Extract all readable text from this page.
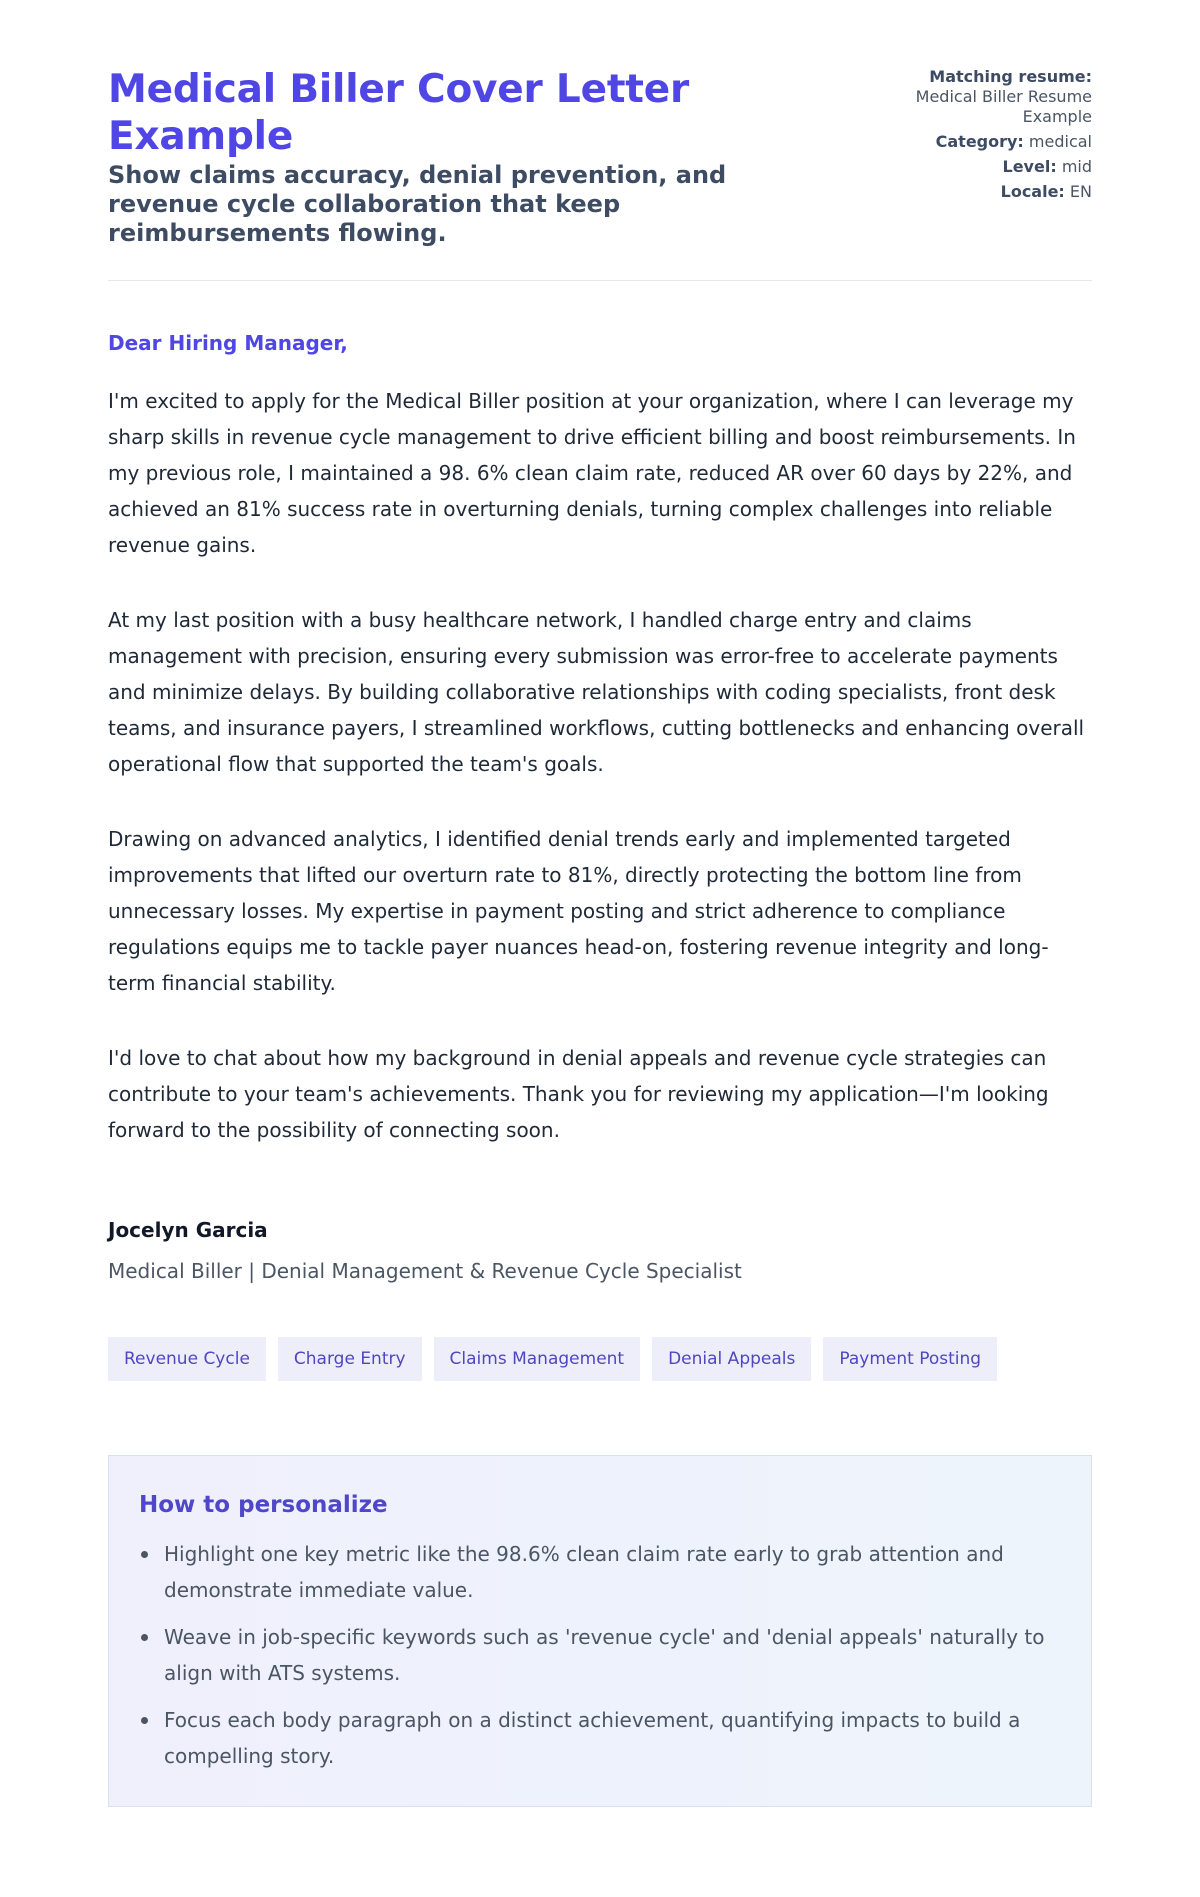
Medical Biller Cover Letter Example
Show claims accuracy, denial prevention, and revenue cycle collaboration that keep reimbursements flowing.
Matching resume:
Medical Biller Resume Example
Category: medical
Level: mid
Locale: EN

Dear Hiring Manager,

I'm excited to apply for the Medical Biller position at your organization, where I can leverage my sharp skills in revenue cycle management to drive efficient billing and boost reimbursements. In my previous role, I maintained a 98. 6% clean claim rate, reduced AR over 60 days by 22%, and achieved an 81% success rate in overturning denials, turning complex challenges into reliable revenue gains.

At my last position with a busy healthcare network, I handled charge entry and claims management with precision, ensuring every submission was error-free to accelerate payments and minimize delays. By building collaborative relationships with coding specialists, front desk teams, and insurance payers, I streamlined workflows, cutting bottlenecks and enhancing overall operational flow that supported the team's goals.

Drawing on advanced analytics, I identified denial trends early and implemented targeted improvements that lifted our overturn rate to 81%, directly protecting the bottom line from unnecessary losses. My expertise in payment posting and strict adherence to compliance regulations equips me to tackle payer nuances head-on, fostering revenue integrity and long-term financial stability.

I'd love to chat about how my background in denial appeals and revenue cycle strategies can contribute to your team's achievements. Thank you for reviewing my application—I'm looking forward to the possibility of connecting soon.

Jocelyn Garcia
Medical Biller | Denial Management & Revenue Cycle Specialist
Revenue Cycle	Charge Entry	Claims Management	Denial Appeals	Payment Posting
How to personalize
Highlight one key metric like the 98.6% clean claim rate early to grab attention and demonstrate immediate value.
Weave in job-specific keywords such as 'revenue cycle' and 'denial appeals' naturally to align with ATS systems.
Focus each body paragraph on a distinct achievement, quantifying impacts to build a compelling story.
